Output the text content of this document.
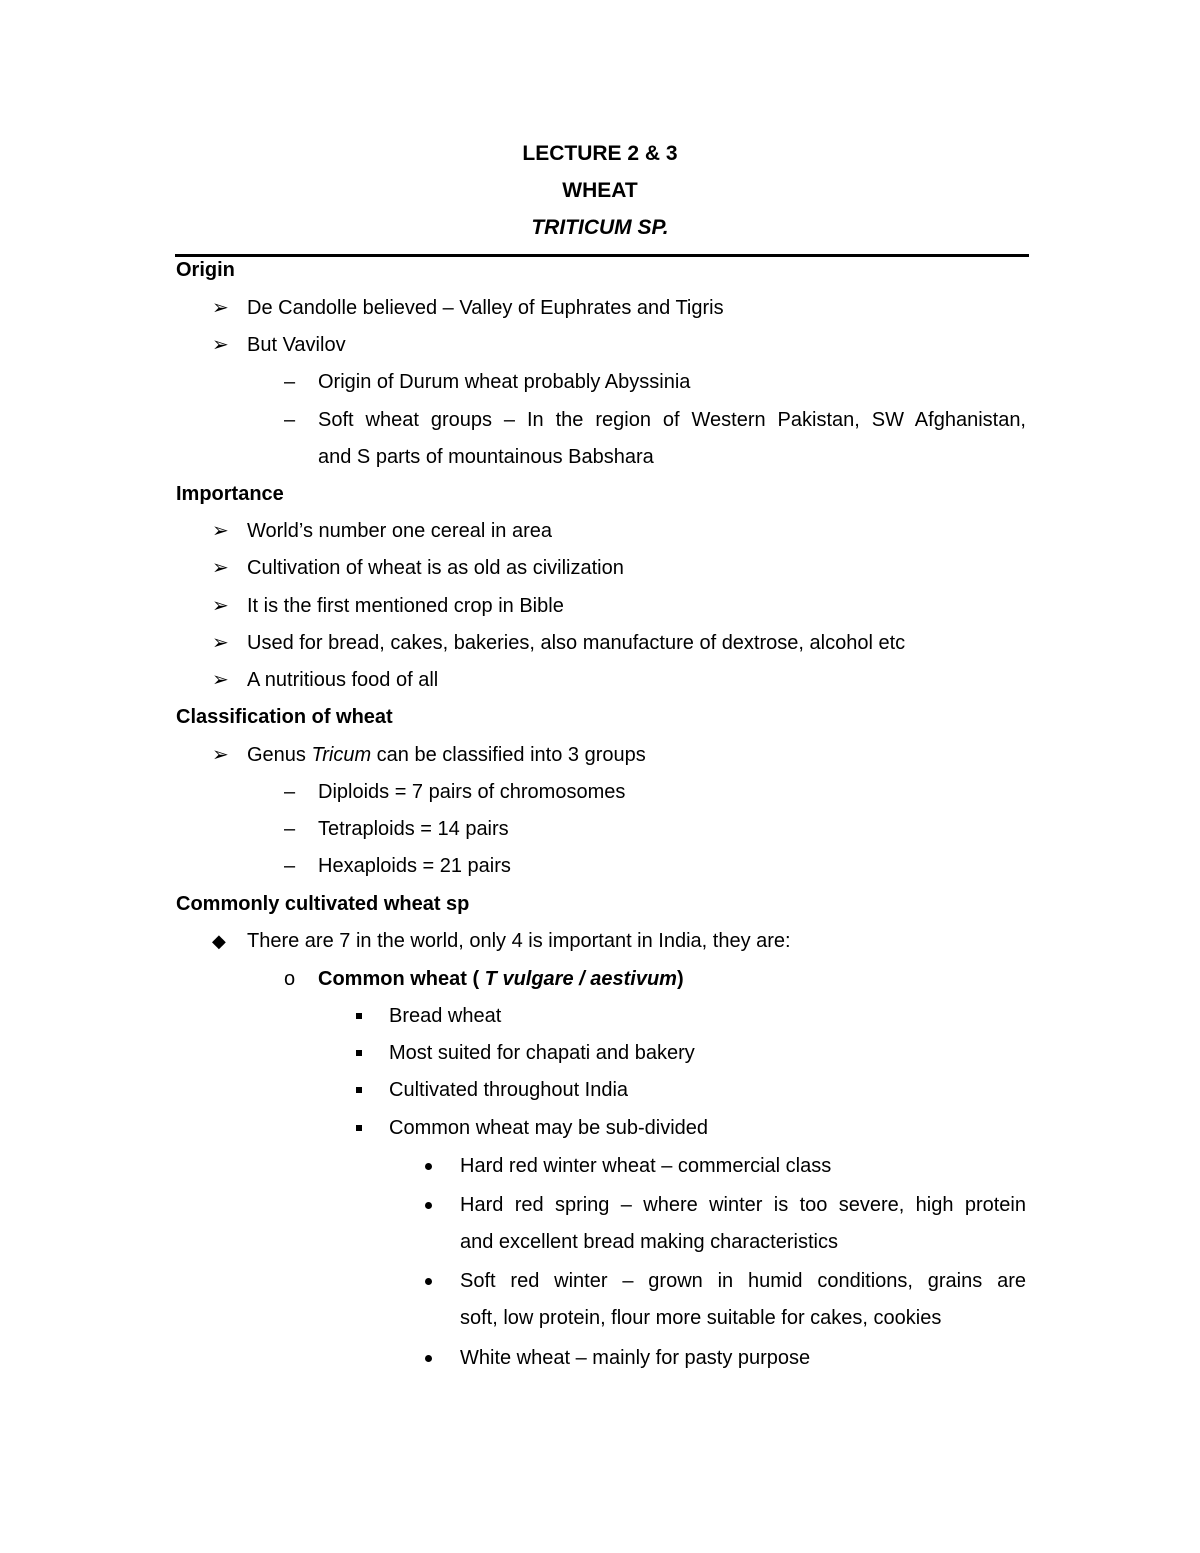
LECTURE 2 & 3
WHEAT
TRITICUM SP.
Origin
➢ De Candolle believed – Valley of Euphrates and Tigris
➢ But Vavilov
– Origin of Durum wheat probably Abyssinia
– Soft wheat groups – In the region of Western Pakistan, SW Afghanistan,
and S parts of mountainous Babshara
Importance
➢ World’s number one cereal in area
➢ Cultivation of wheat is as old as civilization
➢ It is the first mentioned crop in Bible
➢ Used for bread, cakes, bakeries, also manufacture of dextrose, alcohol etc
➢ A nutritious food of all
Classification of wheat
➢ Genus Tricum can be classified into 3 groups
– Diploids = 7 pairs of chromosomes
– Tetraploids = 14 pairs
– Hexaploids = 21 pairs
Commonly cultivated wheat sp
◆ There are 7 in the world, only 4 is important in India, they are:
o Common wheat ( T vulgare / aestivum)
Bread wheat
Most suited for chapati and bakery
Cultivated throughout India
Common wheat may be sub-divided
Hard red winter wheat – commercial class
Hard red spring – where winter is too severe, high protein
and excellent bread making characteristics
Soft red winter – grown in humid conditions, grains are
soft, low protein, flour more suitable for cakes, cookies
White wheat – mainly for pasty purpose
